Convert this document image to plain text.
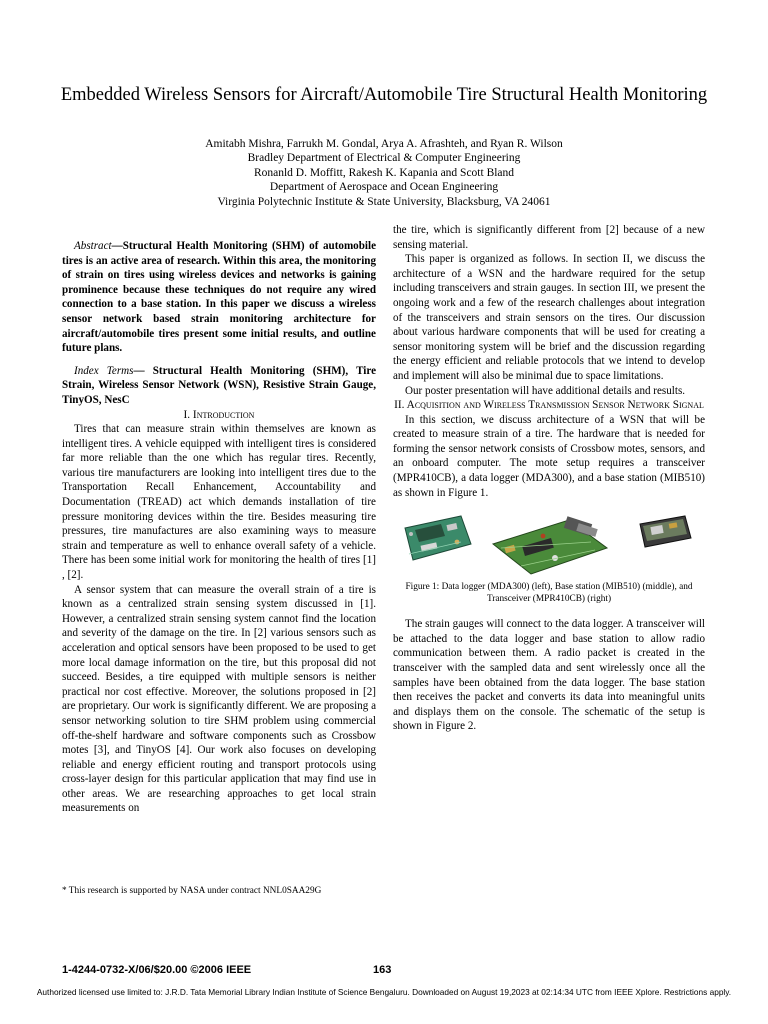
Embedded Wireless Sensors for Aircraft/Automobile Tire Structural Health Monitoring
Amitabh Mishra, Farrukh M. Gondal, Arya A. Afrashteh, and Ryan R. Wilson
Bradley Department of Electrical & Computer Engineering
Ronanld D. Moffitt, Rakesh K. Kapania and Scott Bland
Department of Aerospace and Ocean Engineering
Virginia Polytechnic Institute & State University, Blacksburg, VA 24061

Abstract—Structural Health Monitoring (SHM) of automobile tires is an active area of research. Within this area, the monitoring of strain on tires using wireless devices and networks is gaining prominence because these techniques do not require any wired connection to a base station. In this paper we discuss a wireless sensor network based strain monitoring architecture for aircraft/automobile tires present some initial results, and outline future plans.

Index Terms— Structural Health Monitoring (SHM), Tire Strain, Wireless Sensor Network (WSN), Resistive Strain Gauge, TinyOS, NesC

I. Introduction

Tires that can measure strain within themselves are known as intelligent tires. A vehicle equipped with intelligent tires is considered far more reliable than the one which has regular tires. Recently, various tire manufacturers are looking into intelligent tires due to the Transportation Recall Enhancement, Accountability and Documentation (TREAD) act which demands installation of tire pressure monitoring devices within the tire. Besides measuring tire pressures, tire manufactures are also examining ways to measure strain and temperature as well to enhance overall safety of a vehicle. There has been some initial work for monitoring the health of tires [1] , [2].

A sensor system that can measure the overall strain of a tire is known as a centralized strain sensing system discussed in [1]. However, a centralized strain sensing system cannot find the location and severity of the damage on the tire. In [2] various sensors such as acceleration and optical sensors have been proposed to be used to get more local damage information on the tire, but this proposal did not succeed. Besides, a tire equipped with multiple sensors is neither practical nor cost effective. Moreover, the solutions proposed in [2] are proprietary. Our work is significantly different. We are proposing a sensor networking solution to tire SHM problem using commercial off-the-shelf hardware and software components such as Crossbow motes [3], and TinyOS [4]. Our work also focuses on developing reliable and energy efficient routing and transport protocols using cross-layer design for this particular application that may find use in other areas. We are researching approaches to get local strain measurements on

the tire, which is significantly different from [2] because of a new sensing material.

This paper is organized as follows. In section II, we discuss the architecture of a WSN and the hardware required for the setup including transceivers and strain gauges. In section III, we present the ongoing work and a few of the research challenges about integration of the transceivers and strain sensors on the tires. Our discussion about various hardware components that will be used for creating a sensor monitoring system will be brief and the discussion regarding the energy efficient and reliable protocols that we intend to develop and implement will also be minimal due to space limitations.

Our poster presentation will have additional details and results.

II. Acquisition and Wireless Transmission Sensor Network Signal

In this section, we discuss architecture of a WSN that will be created to measure strain of a tire. The hardware that is needed for forming the sensor network consists of Crossbow motes, sensors, and an onboard computer. The mote setup requires a transceiver (MPR410CB), a data logger (MDA300), and a base station (MIB510) as shown in Figure 1.

Figure 1: Data logger (MDA300) (left), Base station (MIB510) (middle), and Transceiver (MPR410CB) (right)

The strain gauges will connect to the data logger. A transceiver will be attached to the data logger and base station to allow radio communication between them. A radio packet is created in the transceiver with the sampled data and sent wirelessly once all the samples have been obtained from the data logger. The base station then receives the packet and converts its data into meaningful units and displays them on the console. The schematic of the setup is shown in Figure 2.

* This research is supported by NASA under contract NNL0SAA29G
1-4244-0732-X/06/$20.00 ©2006 IEEE	163
Authorized licensed use limited to: J.R.D. Tata Memorial Library Indian Institute of Science Bengaluru. Downloaded on August 19,2023 at 02:14:34 UTC from IEEE Xplore. Restrictions apply.
